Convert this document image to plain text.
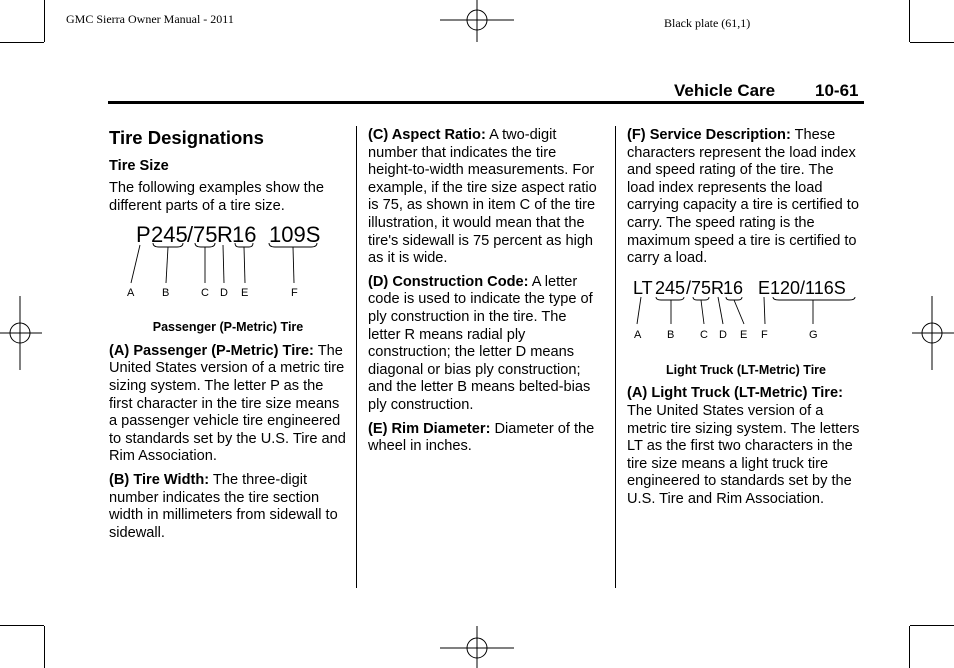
GMC Sierra Owner Manual - 2011	Black plate (61,1)
Vehicle Care 10-61
Tire Designations
Tire Size

The following examples show the different parts of a tire size.

P 245 / 75 R 16 109S
A	B	C D E	F

Passenger (P-Metric) Tire

(A) Passenger (P-Metric) Tire: The United States version of a metric tire sizing system. The letter P as the first character in the tire size means a passenger vehicle tire engineered to standards set by the U.S. Tire and Rim Association.

(B) Tire Width: The three-digit number indicates the tire section width in millimeters from sidewall to sidewall.

(C) Aspect Ratio: A two-digit number that indicates the tire height-to-width measurements. For example, if the tire size aspect ratio is 75, as shown in item C of the tire illustration, it would mean that the tire's sidewall is 75 percent as high as it is wide.

(D) Construction Code: A letter code is used to indicate the type of ply construction in the tire. The letter R means radial ply construction; the letter D means diagonal or bias ply construction; and the letter B means belted-bias ply construction.

(E) Rim Diameter: Diameter of the wheel in inches.

(F) Service Description: These characters represent the load index and speed rating of the tire. The load index represents the load carrying capacity a tire is certified to carry. The speed rating is the maximum speed a tire is certified to carry a load.

LT 245 / 75 R 16 E 120/116S
A B C D E F	G

Light Truck (LT-Metric) Tire

(A) Light Truck (LT-Metric) Tire: The United States version of a metric tire sizing system. The letters LT as the first two characters in the tire size means a light truck tire engineered to standards set by the U.S. Tire and Rim Association.
